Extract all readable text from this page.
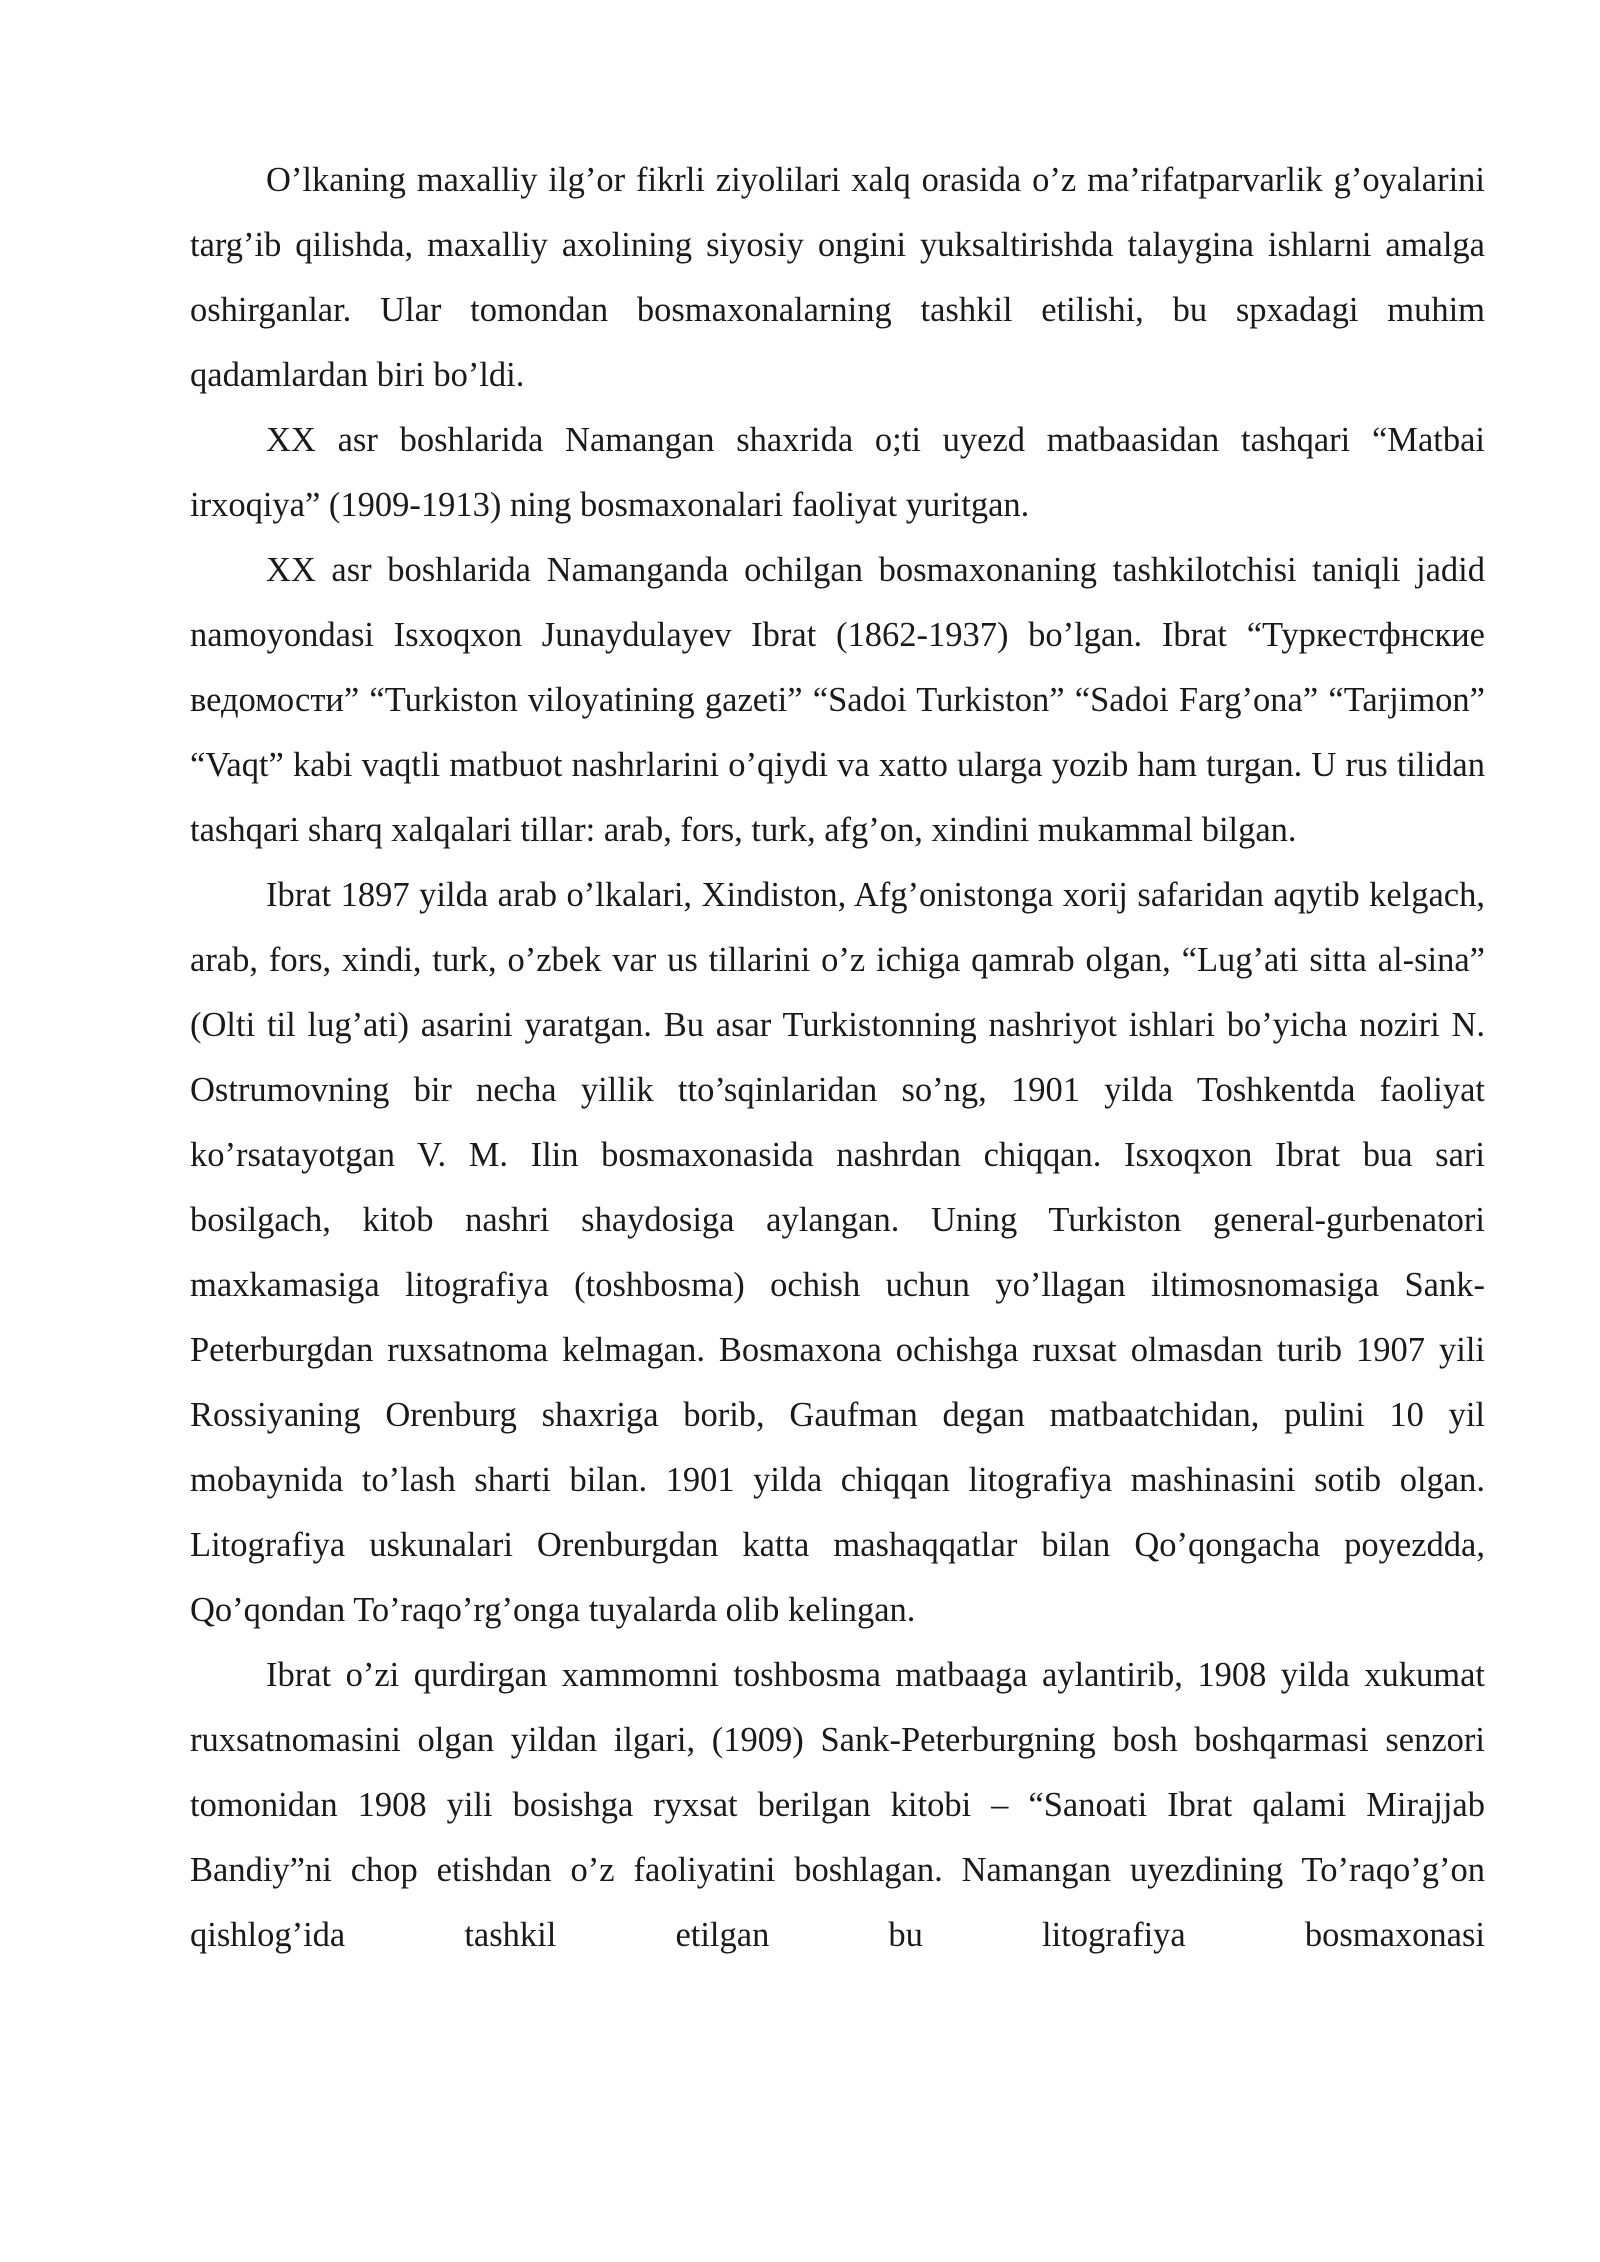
O’lkaning maxalliy ilg’or fikrli ziyolilari xalq orasida o’z ma’rifatparvarlik g’oyalarini targ’ib qilishda, maxalliy axolining siyosiy ongini yuksaltirishda talaygina ishlarni amalga oshirganlar. Ular tomondan bosmaxonalarning tashkil etilishi, bu spxadagi muhim qadamlardan biri bo’ldi.

XX asr boshlarida Namangan shaxrida o;ti uyezd matbaasidan tashqari “Matbai irxoqiya” (1909-1913) ning bosmaxonalari faoliyat yuritgan.

XX asr boshlarida Namanganda ochilgan bosmaxonaning tashkilotchisi taniqli jadid namoyondasi Isxoqxon Junaydulayev Ibrat (1862-1937) bo’lgan. Ibrat “Туркестфнские ведомости” “Turkiston viloyatining gazeti” “Sadoi Turkiston” “Sadoi Farg’ona” “Tarjimon” “Vaqt” kabi vaqtli matbuot nashrlarini o’qiydi va xatto ularga yozib ham turgan. U rus tilidan tashqari sharq xalqalari tillar: arab, fors, turk, afg’on, xindini mukammal bilgan.

Ibrat 1897 yilda arab o’lkalari, Xindiston, Afg’onistonga xorij safaridan aqytib kelgach, arab, fors, xindi, turk, o’zbek var us tillarini o’z ichiga qamrab olgan, “Lug’ati sitta al-sina” (Olti til lug’ati) asarini yaratgan. Bu asar Turkistonning nashriyot ishlari bo’yicha noziri N. Ostrumovning bir necha yillik tto’sqinlaridan so’ng, 1901 yilda Toshkentda faoliyat ko’rsatayotgan V. M. Ilin bosmaxonasida nashrdan chiqqan. Isxoqxon Ibrat bua sari bosilgach, kitob nashri shaydosiga aylangan. Uning Turkiston general-gurbenatori maxkamasiga litografiya (toshbosma) ochish uchun yo’llagan iltimosnomasiga Sank-Peterburgdan ruxsatnoma kelmagan. Bosmaxona ochishga ruxsat olmasdan turib 1907 yili Rossiyaning Orenburg shaxriga borib, Gaufman degan matbaatchidan, pulini 10 yil mobaynida to’lash sharti bilan. 1901 yilda chiqqan litografiya mashinasini sotib olgan. Litografiya uskunalari Orenburgdan katta mashaqqatlar bilan Qo’qongacha poyezdda, Qo’qondan To’raqo’rg’onga tuyalarda olib kelingan.

Ibrat o’zi qurdirgan xammomni toshbosma matbaaga aylantirib, 1908 yilda xukumat ruxsatnomasini olgan yildan ilgari, (1909) Sank-Peterburgning bosh boshqarmasi senzori tomonidan 1908 yili bosishga ryxsat berilgan kitobi – “Sanoati Ibrat qalami Mirajjab Bandiy”ni chop etishdan o’z faoliyatini boshlagan. Namangan uyezdining To’raqo’g’on qishlog’ida tashkil etilgan bu litografiya bosmaxonasi
